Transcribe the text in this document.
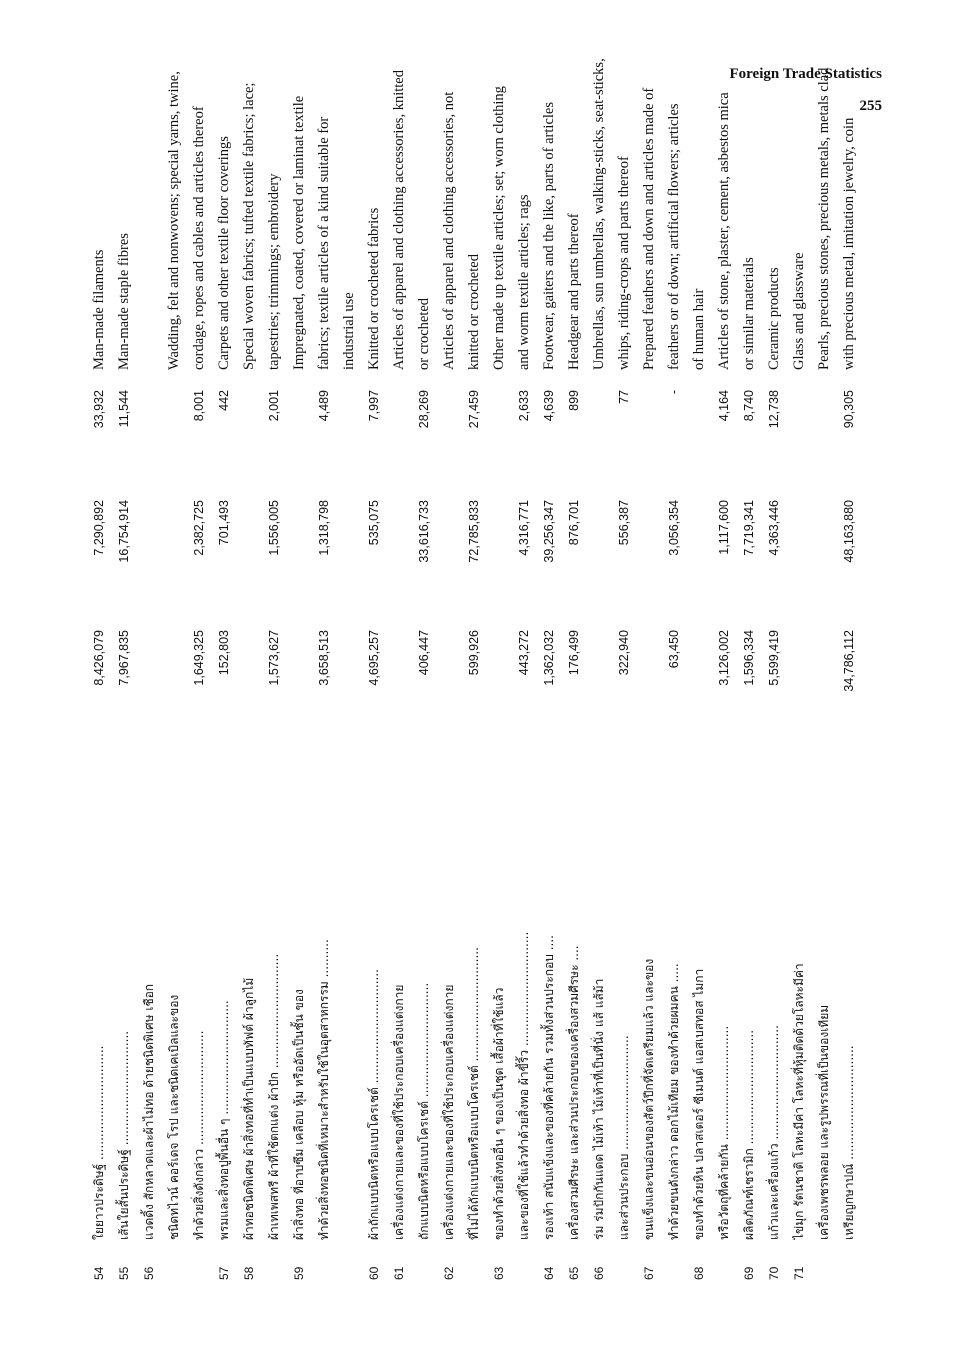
Foreign Trade Statistics
255
54
ใยยาวประดิษฐ์ ..............................
8,426,079
7,290,892
33,932
Man-made filaments
55
เส้นใยสั้นประดิษฐ์ ..............................
7,967,835
16,754,914
11,544
Man-made staple fibres
56
แวดดิ้ง สักหลาดและผ้าไม่ทอ ด้ายชนิดพิเศษ เชือก ชนิดทไวน์ คอร์เดจ โรป และชนิดเคเบิลและของ
Wadding, felt and nonwovens; special yarns, twine,
ทำด้วยสิ่งดังกล่าว ..............................
1,649,325
2,382,725
8,001
cordage, ropes and cables and articles thereof
57
พรมและสิ่งทอปูพื้นอื่น ๆ ..............................
152,803
701,493
442
Carpets and other textile floor coverings
58
ผ้าทอชนิดพิเศษ ผ้าสิ่งทอที่ทำเป็นแบบทัฟต์ ผ้าลูกไม้
Special woven fabrics; tufted textile fabrics; lace;
ผ้าเทเพสทรี ผ้าที่ใช้ตกแต่ง ผ้าปัก ..............................
1,573,627
1,556,005
2,001
tapestries; trimmings; embroidery
59
ผ้าสิ่งทอ ที่อาบซึม เคลือบ หุ้ม หรืออัดเป็นชั้น ของ
Impregnated, coated, covered or laminat textile
ทำด้วยสิ่งทอชนิดที่เหมาะสำหรับใช้ในอุตสาหกรรม ..........
3,658,513
1,318,798
4,489
fabrics; textile articles of a kind suitable for industrial use
60
ผ้าถักแบบนิตหรือแบบโครเชต์ ..............................
4,695,257
535,075
7,997
Knitted or crocheted fabrics
61
เครื่องแต่งกายและของที่ใช้ประกอบเครื่องแต่งกาย
Articles of apparel and clothing accessories, knitted
ถักแบบนิตหรือแบบโครเชต์ ..............................
406,447
33,616,733
28,269
or crocheted
62
เครื่องแต่งกายและของที่ใช้ประกอบเครื่องแต่งกาย
Articles of apparel and clothing accessories, not
ที่ไม่ได้ถักแบบนิตหรือแบบโครเชต์ ..............................
599,926
72,785,833
27,459
knitted or crocheted
63
ของทำด้วยสิ่งทออื่น ๆ ของเป็นชุด เสื้อผ้าที่ใช้แล้ว
Other made up textile articles; set; worn clothing
และของที่ใช้แล้วทำด้วยสิ่งทอ ผ้าขี้ริ้ว ..............................
443,272
4,316,771
2,633
and worm textile articles; rags
64
รองเท้า สนับแข้งและของที่คล้ายกัน รวมทั้งส่วนประกอบ ....
1,362,032
39,256,347
4,639
Footwear, gaiters and the like, parts of articles
65
เครื่องสวมศีรษะ และส่วนประกอบของเครื่องสวมศีรษะ ....
176,499
876,701
899
Headgear and parts thereof
66
ร่ม ร่มปักกันแดด ไม้เท้า ไม้เท้าที่เป็นที่นั่ง แส้ แส้ม้า
Umbrellas, sun umbrellas, walking-sticks, seat-sticks,
และส่วนประกอบ ..............................
322,940
556,387
77
whips, riding-crops and parts thereof
67
ขนแข็งและขนอ่อนของสัตว์ปีกที่จัดเตรียมแล้ว และของ
Prepared feathers and down and articles made of
ทำด้วยขนดังกล่าว ดอกไม้เทียม ของทำด้วยผมคน .....
63,450
3,056,354
-
feathers or of down; artificial flowers; articles
68
ของทำด้วยหิน ปลาสเตอร์ ซีเมนต์ แอสเบสทอส ไมกา
of human hair
หรือวัตถุที่คล้ายกัน ..............................
3,126,002
1,117,600
4,164
Articles of stone, plaster, cement, asbestos mica
69
ผลิตภัณฑ์เซรามิก ..............................
1,596,334
7,719,341
8,740
or similar materials
70
แก้วและเครื่องแก้ว ..............................
5,599,419
4,363,446
12,738
Ceramic products
71
ไข่มุก รัตนชาติ โลหะมีค่า โลหะที่หุ้มติดด้วยโลหะมีค่า
Glass and glassware
เครื่องเพชรพลอย และรูปพรรณที่เป็นของเทียม
Pearls, precious stones, precious metals, metals clad
เหรียญกษาปณ์ ..............................
34,786,112
48,163,880
90,305
with precious metal, imitation jewelry, coin
